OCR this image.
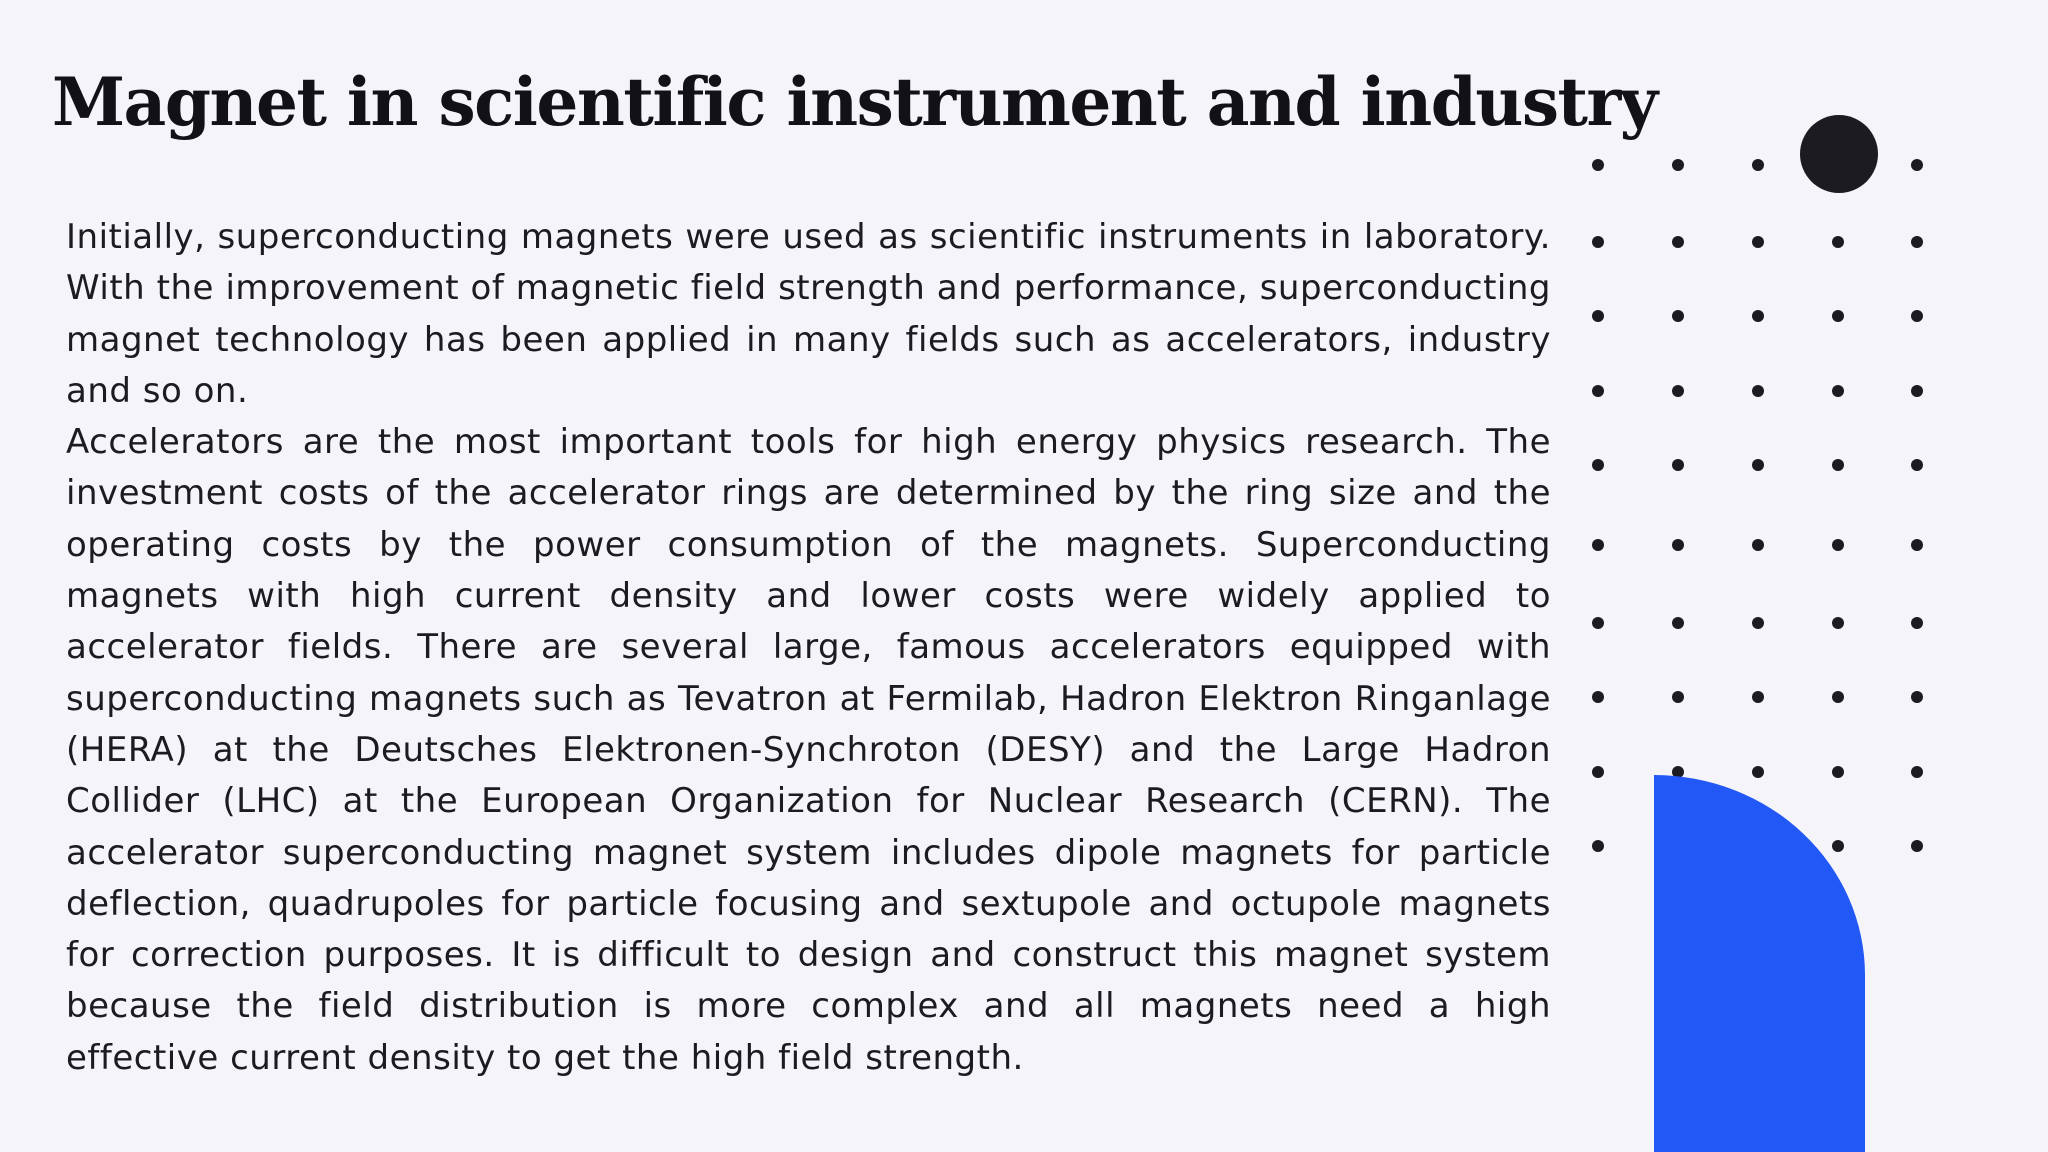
Magnet in scientific instrument and industry

Initially, superconducting magnets were used as scientific instruments in laboratory. With the improvement of magnetic field strength and performance, superconducting magnet technology has been applied in many fields such as accelerators, industry and so on.

Accelerators are the most important tools for high energy physics research. The investment costs of the accelerator rings are determined by the ring size and the operating costs by the power consumption of the magnets. Superconducting magnets with high current density and lower costs were widely applied to accelerator fields. There are several large, famous accelerators equipped with superconducting magnets such as Tevatron at Fermilab, Hadron Elektron Ringanlage (HERA) at the Deutsches Elektronen-Synchroton (DESY) and the Large Hadron Collider (LHC) at the European Organization for Nuclear Research (CERN). The accelerator superconducting magnet system includes dipole magnets for particle deflection, quadrupoles for particle focusing and sextupole and octupole magnets for correction purposes. It is difficult to design and construct this magnet system because the field distribution is more complex and all magnets need a high effective current density to get the high field strength.
